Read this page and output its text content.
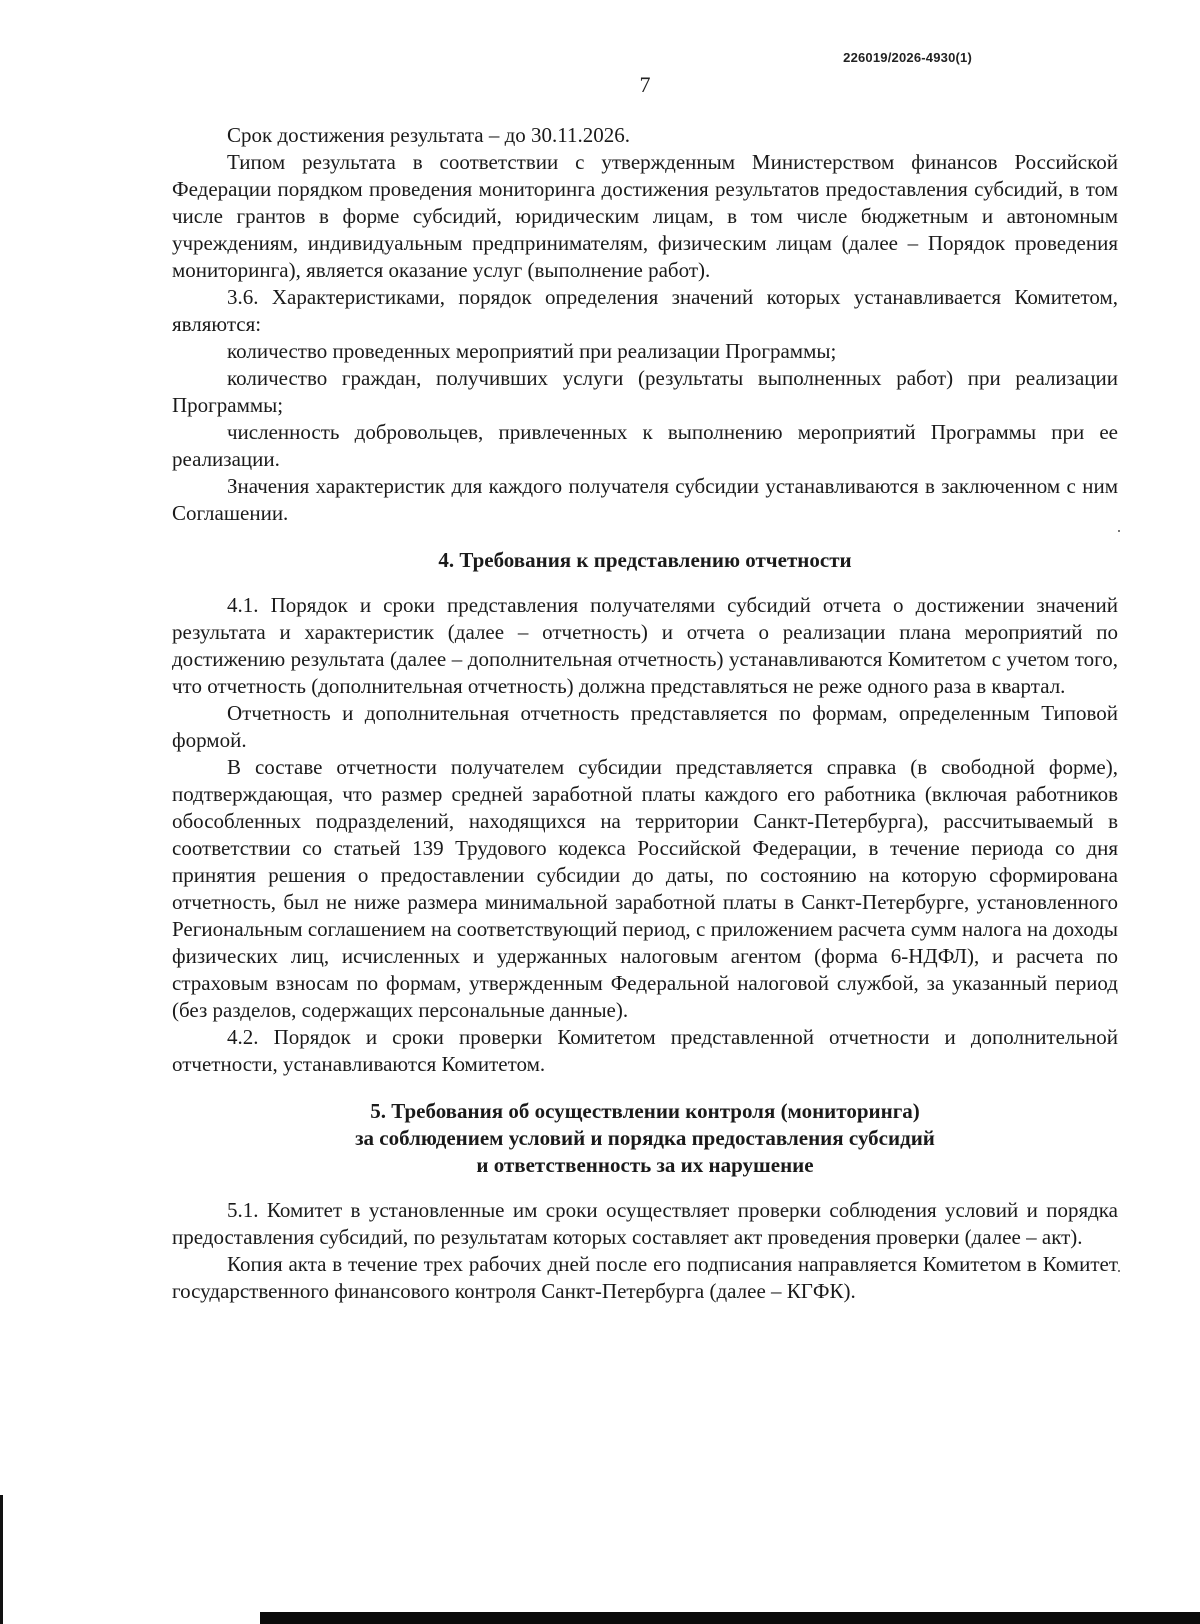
226019/2026-4930(1)
7

Срок достижения результата – до 30.11.2026.

Типом результата в соответствии с утвержденным Министерством финансов Российской Федерации порядком проведения мониторинга достижения результатов предоставления субсидий, в том числе грантов в форме субсидий, юридическим лицам, в том числе бюджетным и автономным учреждениям, индивидуальным предпринимателям, физическим лицам (далее – Порядок проведения мониторинга), является оказание услуг (выполнение работ).

3.6. Характеристиками, порядок определения значений которых устанавливается Комитетом, являются:

количество проведенных мероприятий при реализации Программы;

количество граждан, получивших услуги (результаты выполненных работ) при реализации Программы;

численность добровольцев, привлеченных к выполнению мероприятий Программы при ее реализации.

Значения характеристик для каждого получателя субсидии устанавливаются в заключенном с ним Соглашении.

4. Требования к представлению отчетности

4.1. Порядок и сроки представления получателями субсидий отчета о достижении значений результата и характеристик (далее – отчетность) и отчета о реализации плана мероприятий по достижению результата (далее – дополнительная отчетность) устанавливаются Комитетом с учетом того, что отчетность (дополнительная отчетность) должна представляться не реже одного раза в квартал.

Отчетность и дополнительная отчетность представляется по формам, определенным Типовой формой.

В составе отчетности получателем субсидии представляется справка (в свободной форме), подтверждающая, что размер средней заработной платы каждого его работника (включая работников обособленных подразделений, находящихся на территории Санкт-Петербурга), рассчитываемый в соответствии со статьей 139 Трудового кодекса Российской Федерации, в течение периода со дня принятия решения о предоставлении субсидии до даты, по состоянию на которую сформирована отчетность, был не ниже размера минимальной заработной платы в Санкт-Петербурге, установленного Региональным соглашением на соответствующий период, с приложением расчета сумм налога на доходы физических лиц, исчисленных и удержанных налоговым агентом (форма 6-НДФЛ), и расчета по страховым взносам по формам, утвержденным Федеральной налоговой службой, за указанный период (без разделов, содержащих персональные данные).

4.2. Порядок и сроки проверки Комитетом представленной отчетности и дополнительной отчетности, устанавливаются Комитетом.

5. Требования об осуществлении контроля (мониторинга)
за соблюдением условий и порядка предоставления субсидий
и ответственность за их нарушение

5.1. Комитет в установленные им сроки осуществляет проверки соблюдения условий и порядка предоставления субсидий, по результатам которых составляет акт проведения проверки (далее – акт).

Копия акта в течение трех рабочих дней после его подписания направляется Комитетом в Комитет государственного финансового контроля Санкт-Петербурга (далее – КГФК).
